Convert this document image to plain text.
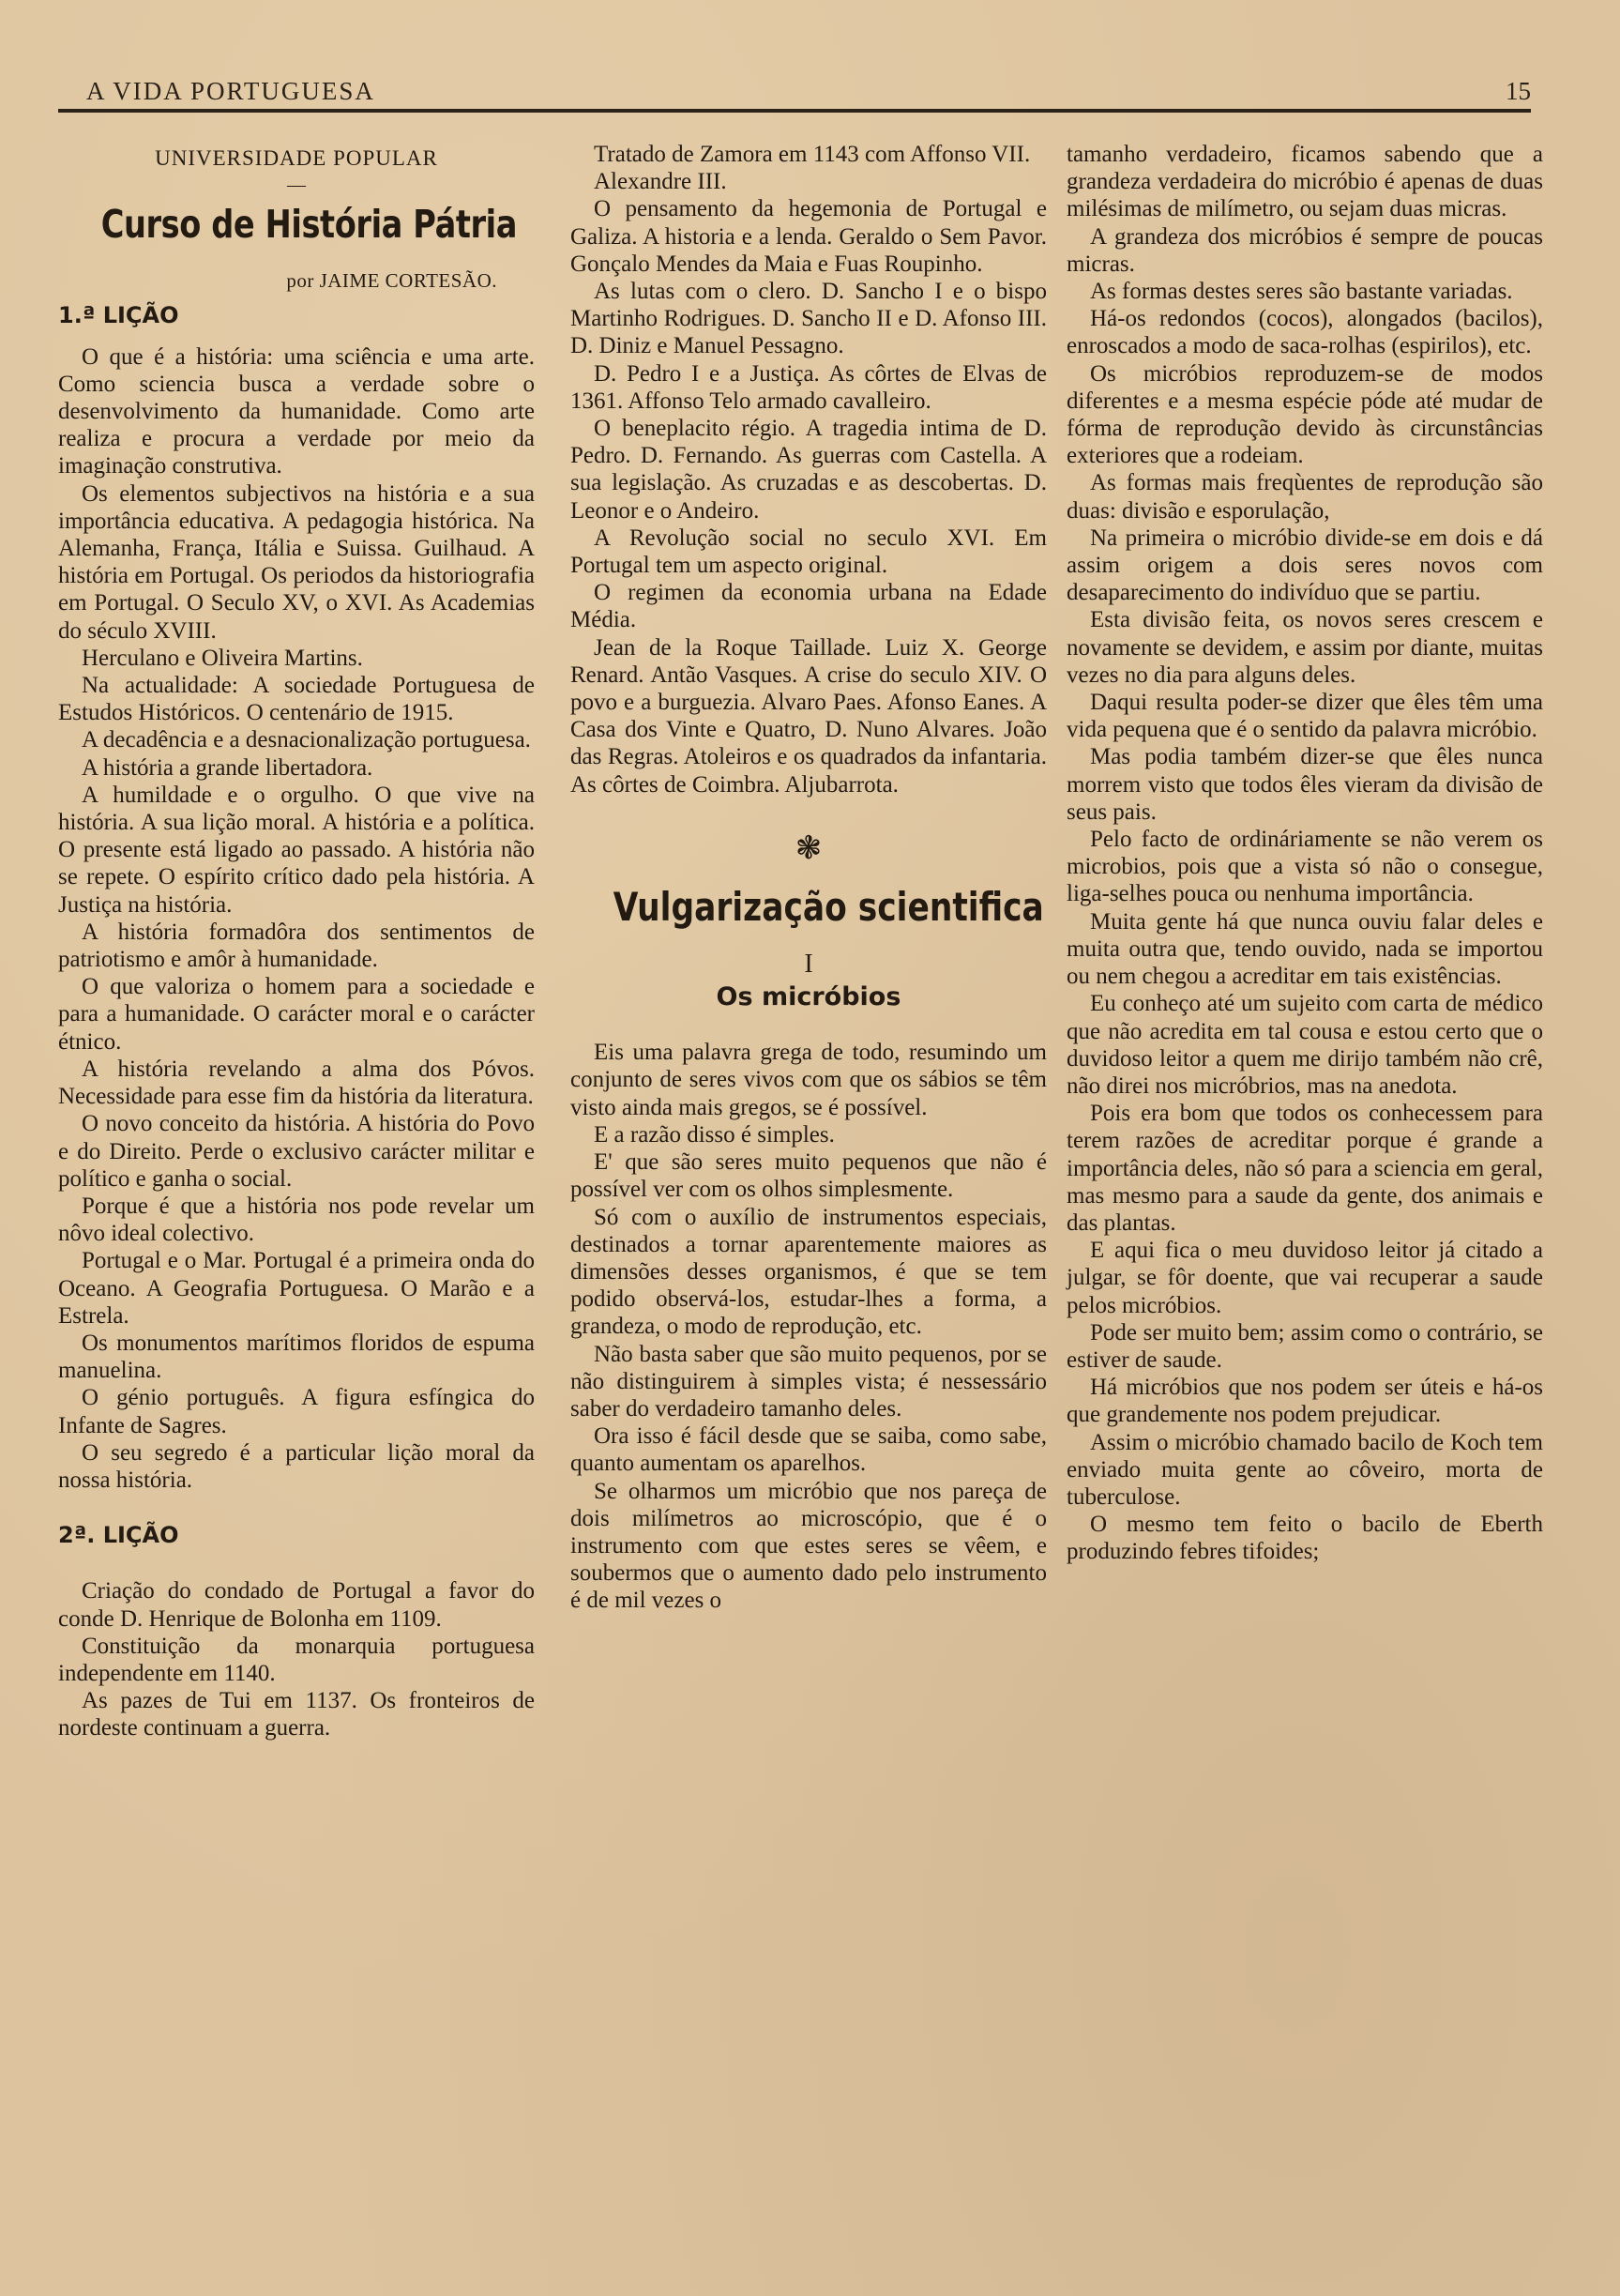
A VIDA PORTUGUESA	15
UNIVERSIDADE POPULAR
—
Curso de História Pátria
por JAIME CORTESÃO.
1.ª LIÇÃO

O que é a história: uma sciência e uma arte. Como sciencia busca a verdade sobre o desenvolvimento da humanidade. Como arte realiza e procura a verdade por meio da imaginação construtiva.

Os elementos subjectivos na história e a sua importância educativa. A pedagogia histórica. Na Alemanha, França, Itália e Suissa. Guilhaud. A história em Portugal. Os periodos da historiografia em Portugal. O Seculo XV, o XVI. As Academias do século XVIII.

Herculano e Oliveira Martins.

Na actualidade: A sociedade Portuguesa de Estudos Históricos. O centenário de 1915.

A decadência e a desnacionalização portuguesa.

A história a grande libertadora.

A humildade e o orgulho. O que vive na história. A sua lição moral. A história e a política. O presente está ligado ao passado. A história não se repete. O espírito crítico dado pela história. A Justiça na história.

A história formadôra dos sentimentos de patriotismo e amôr à humanidade.

O que valoriza o homem para a sociedade e para a humanidade. O carácter moral e o carácter étnico.

A história revelando a alma dos Póvos. Necessidade para esse fim da história da literatura.

O novo conceito da história. A história do Povo e do Direito. Perde o exclusivo carácter militar e político e ganha o social.

Porque é que a história nos pode revelar um nôvo ideal colectivo.

Portugal e o Mar. Portugal é a primeira onda do Oceano. A Geografia Portuguesa. O Marão e a Estrela.

Os monumentos marítimos floridos de espuma manuelina.

O génio português. A figura esfíngica do Infante de Sagres.

O seu segredo é a particular lição moral da nossa história.

2ª. LIÇÃO

Criação do condado de Portugal a favor do conde D. Henrique de Bolonha em 1109.

Constituição da monarquia portuguesa independente em 1140.

As pazes de Tui em 1137. Os fronteiros de nordeste continuam a guerra.

Tratado de Zamora em 1143 com Affonso VII.

Alexandre III.

O pensamento da hegemonia de Portugal e Galiza. A historia e a lenda. Geraldo o Sem Pavor. Gonçalo Mendes da Maia e Fuas Roupinho.

As lutas com o clero. D. Sancho I e o bispo Martinho Rodrigues. D. Sancho II e D. Afonso III. D. Diniz e Manuel Pessagno.

D. Pedro I e a Justiça. As côrtes de Elvas de 1361. Affonso Telo armado cavalleiro.

O beneplacito régio. A tragedia intima de D. Pedro. D. Fernando. As guerras com Castella. A sua legislação. As cruzadas e as descobertas. D. Leonor e o Andeiro.

A Revolução social no seculo XVI. Em Portugal tem um aspecto original.

O regimen da economia urbana na Edade Média.

Jean de la Roque Taillade. Luiz X. George Renard. Antão Vasques. A crise do seculo XIV. O povo e a burguezia. Alvaro Paes. Afonso Eanes. A Casa dos Vinte e Quatro, D. Nuno Alvares. João das Regras. Atoleiros e os quadrados da infantaria. As côrtes de Coimbra. Aljubarrota.

❃
Vulgarização scientifica
I
Os micróbios

Eis uma palavra grega de todo, resumindo um conjunto de seres vivos com que os sábios se têm visto ainda mais gregos, se é possível.

E a razão disso é simples.

E' que são seres muito pequenos que não é possível ver com os olhos simplesmente.

Só com o auxílio de instrumentos especiais, destinados a tornar aparentemente maiores as dimensões desses organismos, é que se tem podido observá-los, estudar-lhes a forma, a grandeza, o modo de reprodução, etc.

Não basta saber que são muito pequenos, por se não distinguirem à simples vista; é nessessário saber do verdadeiro tamanho deles.

Ora isso é fácil desde que se saiba, como sabe, quanto aumentam os aparelhos.

Se olharmos um micróbio que nos pareça de dois milímetros ao microscópio, que é o instrumento com que estes seres se vêem, e soubermos que o aumento dado pelo instrumento é de mil vezes o

tamanho verdadeiro, ficamos sabendo que a grandeza verdadeira do micróbio é apenas de duas milésimas de milímetro, ou sejam duas micras.

A grandeza dos micróbios é sempre de poucas micras.

As formas destes seres são bastante variadas.

Há-os redondos (cocos), alongados (bacilos), enroscados a modo de saca-rolhas (espirilos), etc.

Os micróbios reproduzem-se de modos diferentes e a mesma espécie póde até mudar de fórma de reprodução devido às circunstâncias exteriores que a rodeiam.

As formas mais freqùentes de reprodução são duas: divisão e esporulação,

Na primeira o micróbio divide-se em dois e dá assim origem a dois seres novos com desaparecimento do indivíduo que se partiu.

Esta divisão feita, os novos seres crescem e novamente se devidem, e assim por diante, muitas vezes no dia para alguns deles.

Daqui resulta poder-se dizer que êles têm uma vida pequena que é o sentido da palavra micróbio.

Mas podia também dizer-se que êles nunca morrem visto que todos êles vieram da divisão de seus pais.

Pelo facto de ordináriamente se não verem os microbios, pois que a vista só não o consegue, liga-selhes pouca ou nenhuma importância.

Muita gente há que nunca ouviu falar deles e muita outra que, tendo ouvido, nada se importou ou nem chegou a acreditar em tais existências.

Eu conheço até um sujeito com carta de médico que não acredita em tal cousa e estou certo que o duvidoso leitor a quem me dirijo também não crê, não direi nos micróbrios, mas na anedota.

Pois era bom que todos os conhecessem para terem razões de acreditar porque é grande a importância deles, não só para a sciencia em geral, mas mesmo para a saude da gente, dos animais e das plantas.

E aqui fica o meu duvidoso leitor já citado a julgar, se fôr doente, que vai recuperar a saude pelos micróbios.

Pode ser muito bem; assim como o contrário, se estiver de saude.

Há micróbios que nos podem ser úteis e há-os que grandemente nos podem prejudicar.

Assim o micróbio chamado bacilo de Koch tem enviado muita gente ao côveiro, morta de tuberculose.

O mesmo tem feito o bacilo de Eberth produzindo febres tifoides;
